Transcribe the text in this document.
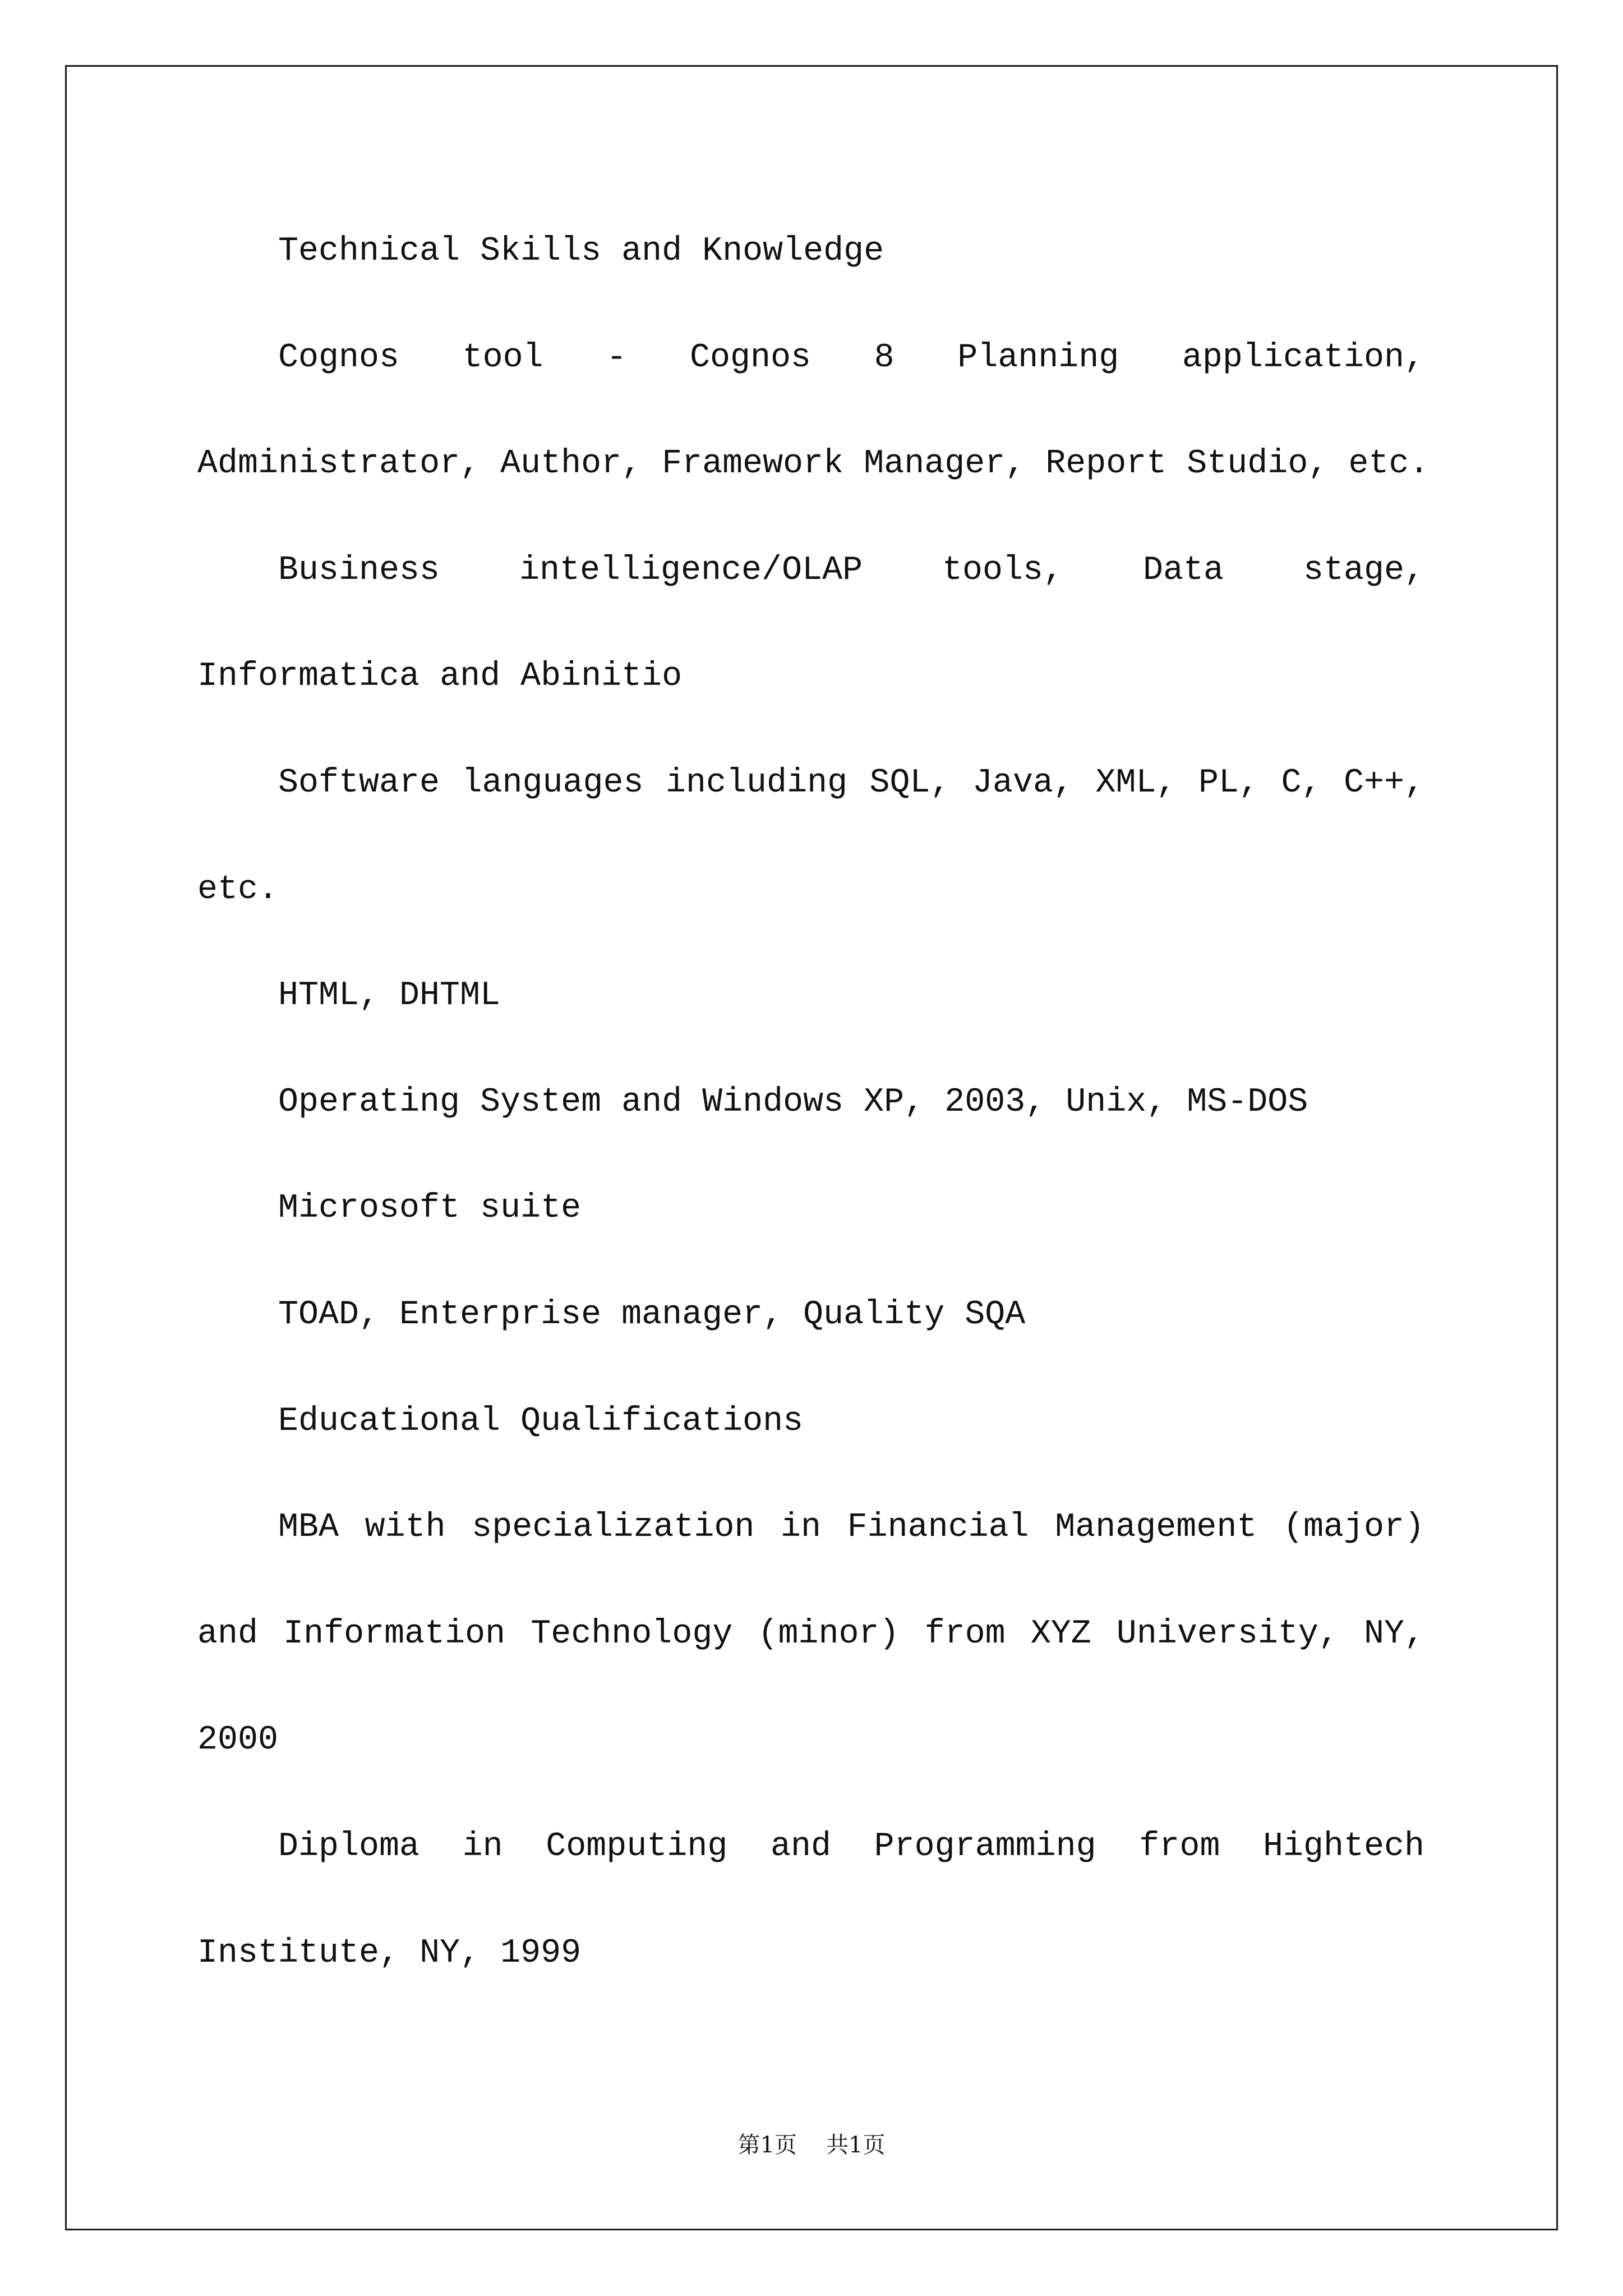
Technical Skills and Knowledge
Cognos tool - Cognos 8 Planning application,
Administrator, Author, Framework Manager, Report Studio, etc.
Business intelligence/OLAP tools, Data stage,
Informatica and Abinitio
Software languages including SQL, Java, XML, PL, C, C++,
etc.
HTML, DHTML
Operating System and Windows XP, 2003, Unix, MS-DOS
Microsoft suite
TOAD, Enterprise manager, Quality SQA
Educational Qualifications
MBA with specialization in Financial Management (major)
and Information Technology (minor) from XYZ University, NY,
2000
Diploma in Computing and Programming from Hightech
Institute, NY, 1999
第1页 共1页
